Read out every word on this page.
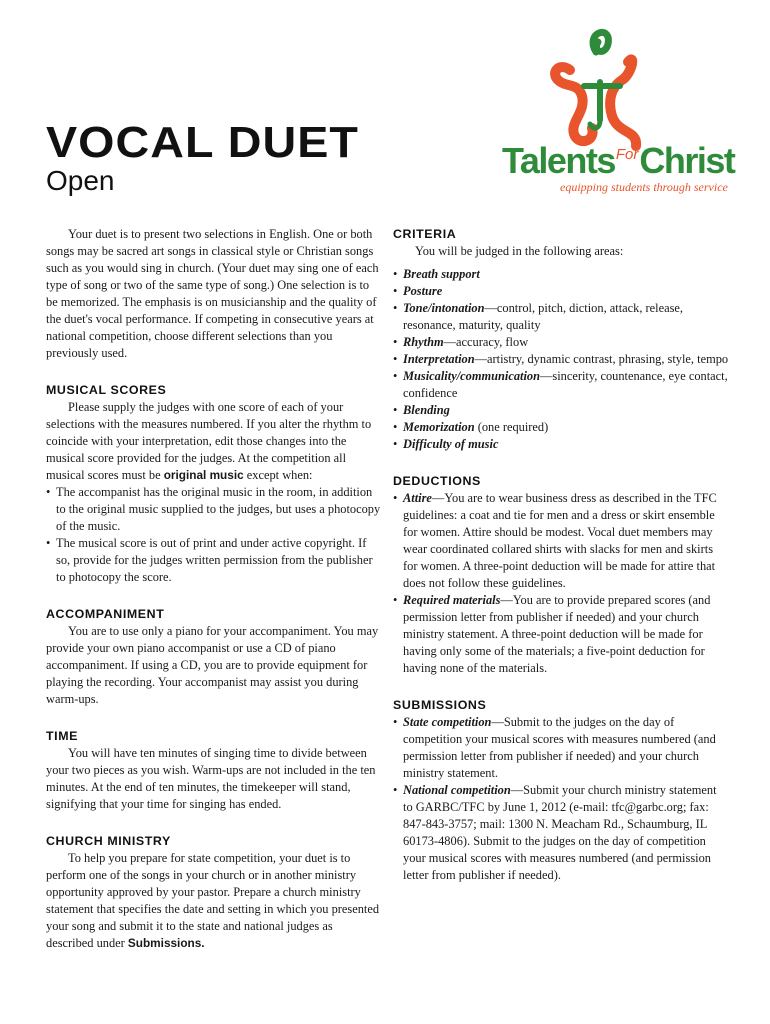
VOCAL DUET
Open	Talents$^{For}$Christ
equipping students through service

Your duet is to present two selections in English. One or both songs may be sacred art songs in classical style or Christian songs such as you would sing in church. (Your duet may sing one of each type of song or two of the same type of song.) One selection is to be memorized. The emphasis is on musicianship and the quality of the duet's vocal performance. If competing in consecutive years at national competition, choose different selections than you previously used.

MUSICAL SCORES

Please supply the judges with one score of each of your selections with the measures numbered. If you alter the rhythm to coincide with your interpretation, edit those changes into the musical score provided for the judges. At the competition all musical scores must be original music except when:

• The accompanist has the original music in the room, in addition to the original music supplied to the judges, but uses a photocopy of the music.
• The musical score is out of print and under active copyright. If so, provide for the judges written permission from the publisher to photocopy the score.
ACCOMPANIMENT

You are to use only a piano for your accompaniment. You may provide your own piano accompanist or use a CD of piano accompaniment. If using a CD, you are to provide equipment for playing the recording. Your accompanist may assist you during warm-ups.

TIME

You will have ten minutes of singing time to divide between your two pieces as you wish. Warm-ups are not included in the ten minutes. At the end of ten minutes, the timekeeper will stand, signifying that your time for singing has ended.

CHURCH MINISTRY

To help you prepare for state competition, your duet is to perform one of the songs in your church or in another ministry opportunity approved by your pastor. Prepare a church ministry statement that specifies the date and setting in which you presented your song and submit it to the state and national judges as described under Submissions.

CRITERIA

You will be judged in the following areas:

• Breath support
• Posture
• Tone/intonation—control, pitch, diction, attack, release, resonance, maturity, quality
• Rhythm—accuracy, flow
• Interpretation—artistry, dynamic contrast, phrasing, style, tempo
• Musicality/communication—sincerity, countenance, eye contact, confidence
• Blending
• Memorization (one required)
• Difficulty of music
DEDUCTIONS
• Attire—You are to wear business dress as described in the TFC guidelines: a coat and tie for men and a dress or skirt ensemble for women. Attire should be modest. Vocal duet members may wear coordinated collared shirts with slacks for men and skirts for women. A three-point deduction will be made for attire that does not follow these guidelines.
• Required materials—You are to provide prepared scores (and permission letter from publisher if needed) and your church ministry statement. A three-point deduction will be made for having only some of the materials; a five-point deduction for having none of the materials.
SUBMISSIONS
• State competition—Submit to the judges on the day of competition your musical scores with measures numbered (and permission letter from publisher if needed) and your church ministry statement.
• National competition—Submit your church ministry statement to GARBC/TFC by June 1, 2012 (e-mail: tfc@garbc.org; fax: 847-843-3757; mail: 1300 N. Meacham Rd., Schaumburg, IL 60173-4806). Submit to the judges on the day of competition your musical scores with measures numbered (and permission letter from publisher if needed).
